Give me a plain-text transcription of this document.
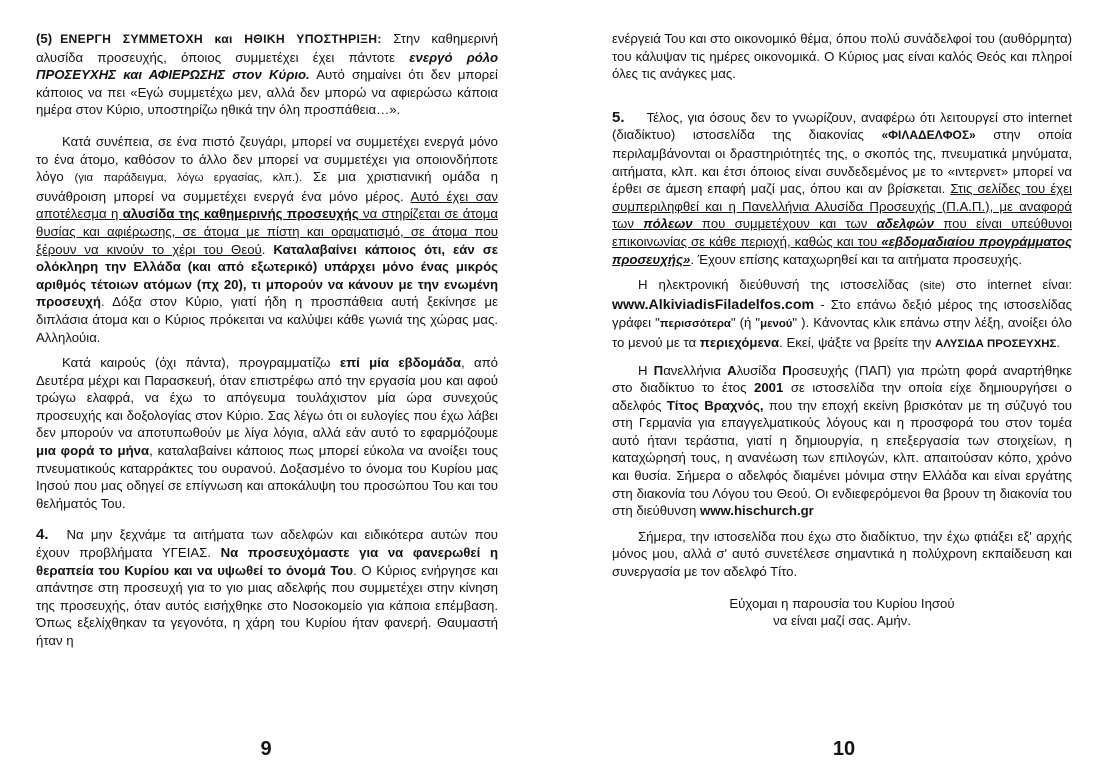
(5) ΕΝΕΡΓΗ ΣΥΜΜΕΤΟΧΗ και ΗΘΙΚΗ ΥΠΟΣΤΗΡΙΞΗ: Στην καθημερινή αλυσίδα προσευχής, όποιος συμμετέχει έχει πάντοτε ενεργό ρόλο ΠΡΟΣΕΥΧΗΣ και ΑΦΙΕΡΩΣΗΣ στον Κύριο. Αυτό σημαίνει ότι δεν μπορεί κάποιος να πει «Εγώ συμμετέχω μεν, αλλά δεν μπορώ να αφιερώσω κάποια ημέρα στον Κύριο, υποστηρίζω ηθικά την όλη προσπάθεια…».

Κατά συνέπεια, σε ένα πιστό ζευγάρι, μπορεί να συμμετέχει ενεργά μόνο το ένα άτομο, καθόσον το άλλο δεν μπορεί να συμμετέχει για οποιονδήποτε λόγο (για παράδειγμα, λόγω εργασίας, κλπ.). Σε μια χριστιανική ομάδα η συνάθροιση μπορεί να συμμετέχει ενεργά ένα μόνο μέρος. Αυτό έχει σαν αποτέλεσμα η αλυσίδα της καθημερινής προσευχής να στηρίζεται σε άτομα θυσίας και αφιέρωσης, σε άτομα με πίστη και οραματισμό, σε άτομα που ξέρουν να κινούν το χέρι του Θεού. Καταλαβαίνει κάποιος ότι, εάν σε ολόκληρη την Ελλάδα (και από εξωτερικό) υπάρχει μόνο ένας μικρός αριθμός τέτοιων ατόμων (πχ 20), τι μπορούν να κάνουν με την ενωμένη προσευχή. Δόξα στον Κύριο, γιατί ήδη η προσπάθεια αυτή ξεκίνησε με διπλάσια άτομα και ο Κύριος πρόκειται να καλύψει κάθε γωνιά της χώρας μας. Αλληλούια.

Κατά καιρούς (όχι πάντα), προγραμματίζω επί μία εβδομάδα, από Δευτέρα μέχρι και Παρασκευή, όταν επιστρέφω από την εργασία μου και αφού τρώγω ελαφρά, να έχω το απόγευμα τουλάχιστον μία ώρα συνεχούς προσευχής και δοξολογίας στον Κύριο. Σας λέγω ότι οι ευλογίες που έχω λάβει δεν μπορούν να αποτυπωθούν με λίγα λόγια, αλλά εάν αυτό το εφαρμόζουμε μια φορά το μήνα, καταλαβαίνει κάποιος πως μπορεί εύκολα να ανοίξει τους πνευματικούς καταρράκτες του ουρανού. Δοξασμένο το όνομα του Κυρίου μας Ιησού που μας οδηγεί σε επίγνωση και αποκάλυψη του προσώπου Του και του θελήματός Του.

4. Να μην ξεχνάμε τα αιτήματα των αδελφών και ειδικότερα αυτών που έχουν προβλήματα ΥΓΕΙΑΣ. Να προσευχόμαστε για να φανερωθεί η θεραπεία του Κυρίου και να υψωθεί το όνομά Του. Ο Κύριος ενήργησε και απάντησε στη προσευχή για το γιο μιας αδελφής που συμμετέχει στην κίνηση της προσευχής, όταν αυτός εισήχθηκε στο Νοσοκομείο για κάποια επέμβαση. Όπως εξελίχθηκαν τα γεγονότα, η χάρη του Κυρίου ήταν φανερή. Θαυμαστή ήταν η

9

ενέργειά Του και στο οικονομικό θέμα, όπου πολύ συνάδελφοί του (αυθόρμητα) του κάλυψαν τις ημέρες οικονομικά. Ο Κύριος μας είναι καλός Θεός και πληροί όλες τις ανάγκες μας.

5. Τέλος, για όσους δεν το γνωρίζουν, αναφέρω ότι λειτουργεί στο internet (διαδίκτυο) ιστοσελίδα της διακονίας «ΦΙΛΑΔΕΛΦΟΣ» στην οποία περιλαμβάνονται οι δραστηριότητές της, ο σκοπός της, πνευματικά μηνύματα, αιτήματα, κλπ. και έτσι όποιος είναι συνδεδεμένος με το «ιντερνετ» μπορεί να έρθει σε άμεση επαφή μαζί μας, όπου και αν βρίσκεται. Στις σελίδες του έχει συμπεριληφθεί και η Πανελλήνια Αλυσίδα Προσευχής (Π.Α.Π.), με αναφορά των πόλεων που συμμετέχουν και των αδελφών που είναι υπεύθυνοι επικοινωνίας σε κάθε περιοχή, καθώς και του «εβδομαδιαίου προγράμματος προσευχής». Έχουν επίσης καταχωρηθεί και τα αιτήματα προσευχής.

Η ηλεκτρονική διεύθυνσή της ιστοσελίδας (site) στο internet είναι: www.AlkiviadisFiladelfos.com - Στο επάνω δεξιό μέρος της ιστοσελίδας γράφει "περισσότερα" (ή "μενού" ). Κάνοντας κλικ επάνω στην λέξη, ανοίξει όλο το μενού με τα περιεχόμενα. Εκεί, ψάξτε να βρείτε την ΑΛΥΣΙΔΑ ΠΡΟΣΕΥΧΗΣ.

Η Πανελλήνια Αλυσίδα Προσευχής (ΠΑΠ) για πρώτη φορά αναρτήθηκε στο διαδίκτυο το έτος 2001 σε ιστοσελίδα την οποία είχε δημιουργήσει ο αδελφός Τίτος Βραχνός, που την εποχή εκείνη βρισκόταν με τη σύζυγό του στη Γερμανία για επαγγελματικούς λόγους και η προσφορά του στον τομέα αυτό ήτανι τεράστια, γιατί η δημιουργία, η επεξεργασία των στοιχείων, η καταχώρησή τους, η ανανέωση των επιλογών, κλπ. απαιτούσαν κόπο, χρόνο και θυσία. Σήμερα ο αδελφός διαμένει μόνιμα στην Ελλάδα και είναι εργάτης στη διακονία του Λόγου του Θεού. Οι ενδιεφερόμενοι θα βρουν τη διακονία του στη διεύθυνση www.hischurch.gr

Σήμερα, την ιστοσελίδα που έχω στο διαδίκτυο, την έχω φτιάξει εξ' αρχής μόνος μου, αλλά σ' αυτό συνετέλεσε σημαντικά η πολύχρονη εκπαίδευση και συνεργασία με τον αδελφό Τίτο.

Εύχομαι η παρουσία του Κυρίου Ιησού
να είναι μαζί σας. Αμήν.

10
